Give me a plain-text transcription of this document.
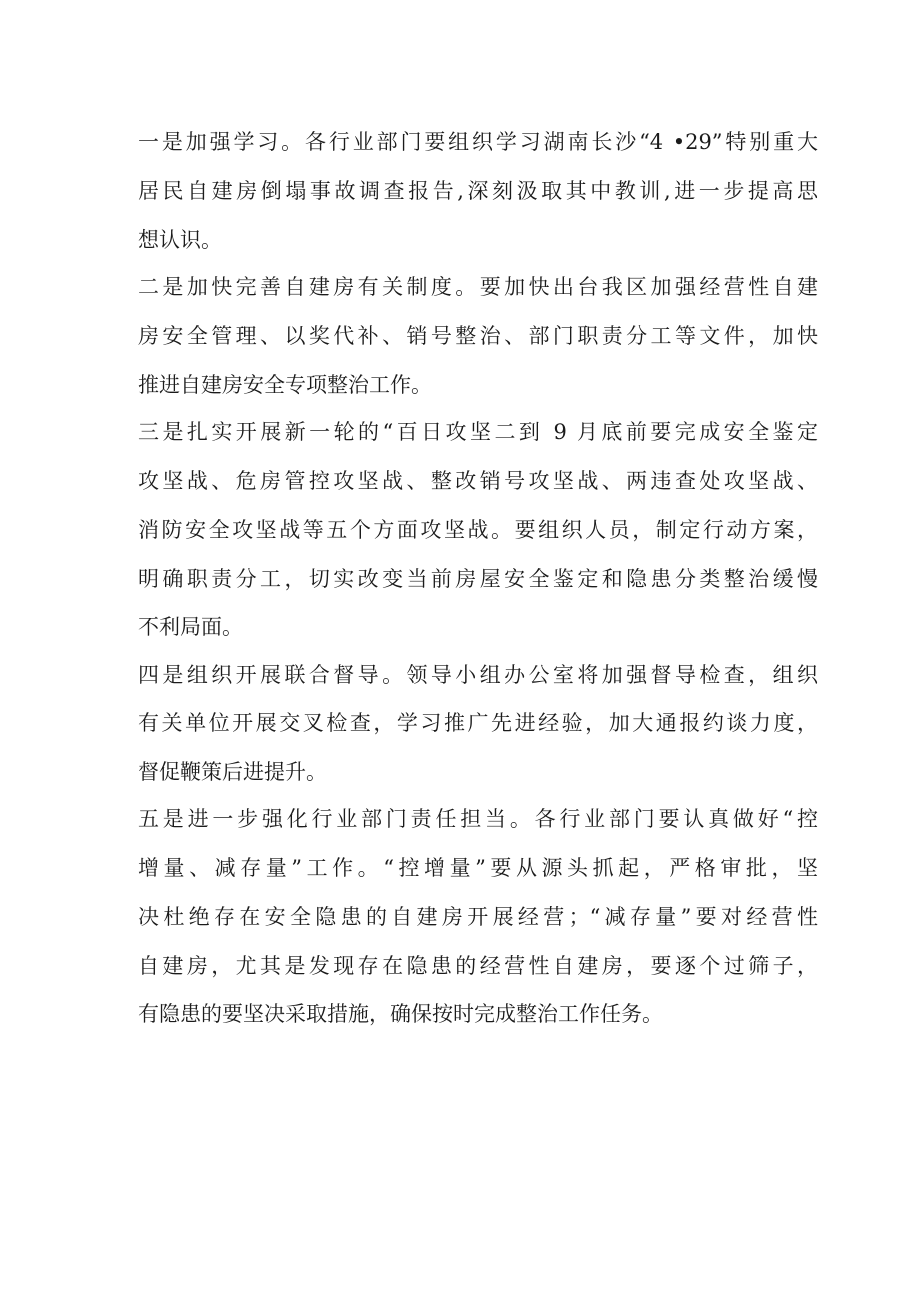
一是加强学习。各行业部门要组织学习湖南长沙“4 •29”特别重大

居民自建房倒塌事故调查报告,深刻汲取其中教训,进一步提高思

想认识。

二是加快完善自建房有关制度。要加快出台我区加强经营性自建

房安全管理、以奖代补、销号整治、部门职责分工等文件，加快

推进自建房安全专项整治工作。

三是扎实开展新一轮的“百日攻坚二到 9 月底前要完成安全鉴定

攻坚战、危房管控攻坚战、整改销号攻坚战、两违查处攻坚战、

消防安全攻坚战等五个方面攻坚战。要组织人员，制定行动方案，

明确职责分工，切实改变当前房屋安全鉴定和隐患分类整治缓慢

不利局面。

四是组织开展联合督导。领导小组办公室将加强督导检查，组织

有关单位开展交叉检查，学习推广先进经验，加大通报约谈力度，

督促鞭策后进提升。

五是进一步强化行业部门责任担当。各行业部门要认真做好“控

增量、减存量”工作。“控增量”要从源头抓起，严格审批，坚

决杜绝存在安全隐患的自建房开展经营；“减存量”要对经营性

自建房，尤其是发现存在隐患的经营性自建房，要逐个过筛子，

有隐患的要坚决采取措施，确保按时完成整治工作任务。
